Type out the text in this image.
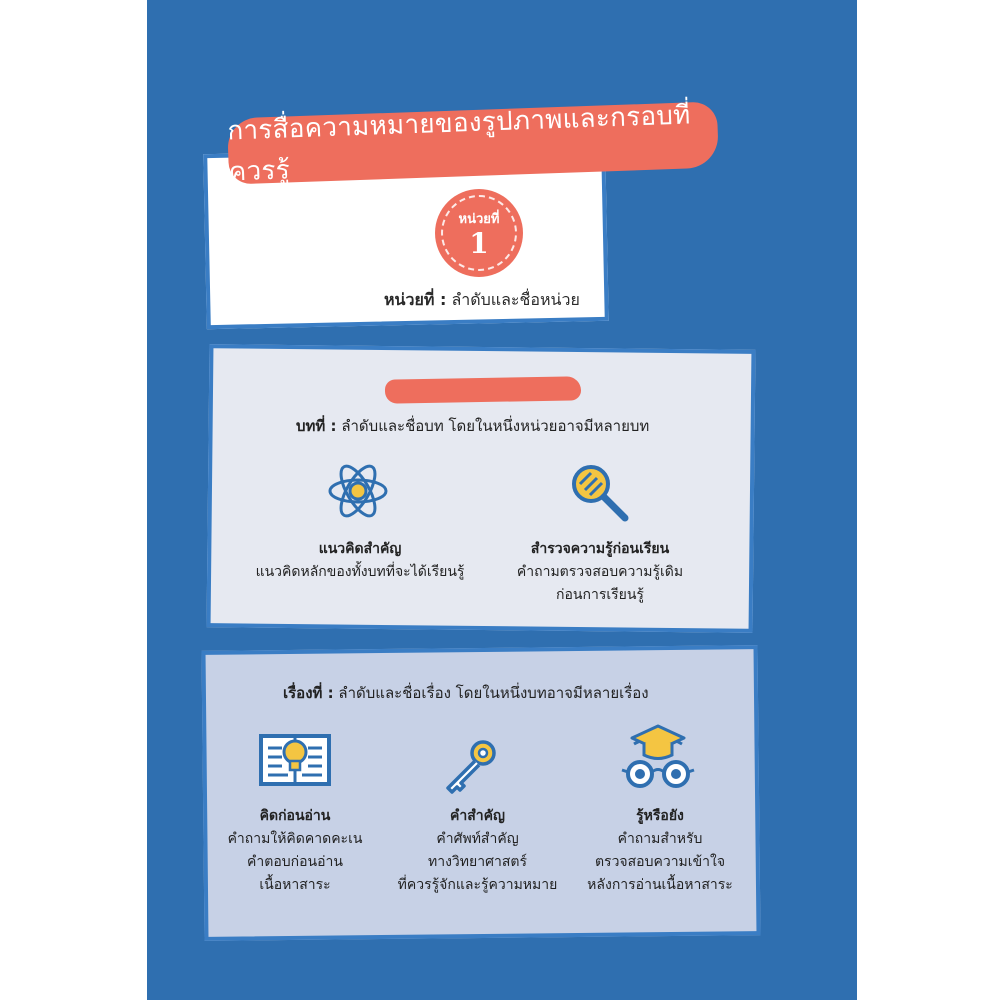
การสื่อความหมายของรูปภาพและกรอบที่ควรรู้
หน่วยที่
1
หน่วยที่ : ลำดับและชื่อหน่วย
บทที่ : ลำดับและชื่อบท โดยในหนึ่งหน่วยอาจมีหลายบท
แนวคิดสำคัญ
แนวคิดหลักของทั้งบทที่จะได้เรียนรู้
สำรวจความรู้ก่อนเรียน
คำถามตรวจสอบความรู้เดิม
ก่อนการเรียนรู้
เรื่องที่ : ลำดับและชื่อเรื่อง โดยในหนึ่งบทอาจมีหลายเรื่อง
คิดก่อนอ่าน
คำถามให้คิดคาดคะเน
คำตอบก่อนอ่าน
เนื้อหาสาระ
คำสำคัญ
คำศัพท์สำคัญ
ทางวิทยาศาสตร์
ที่ควรรู้จักและรู้ความหมาย
รู้หรือยัง
คำถามสำหรับ
ตรวจสอบความเข้าใจ
หลังการอ่านเนื้อหาสาระ
